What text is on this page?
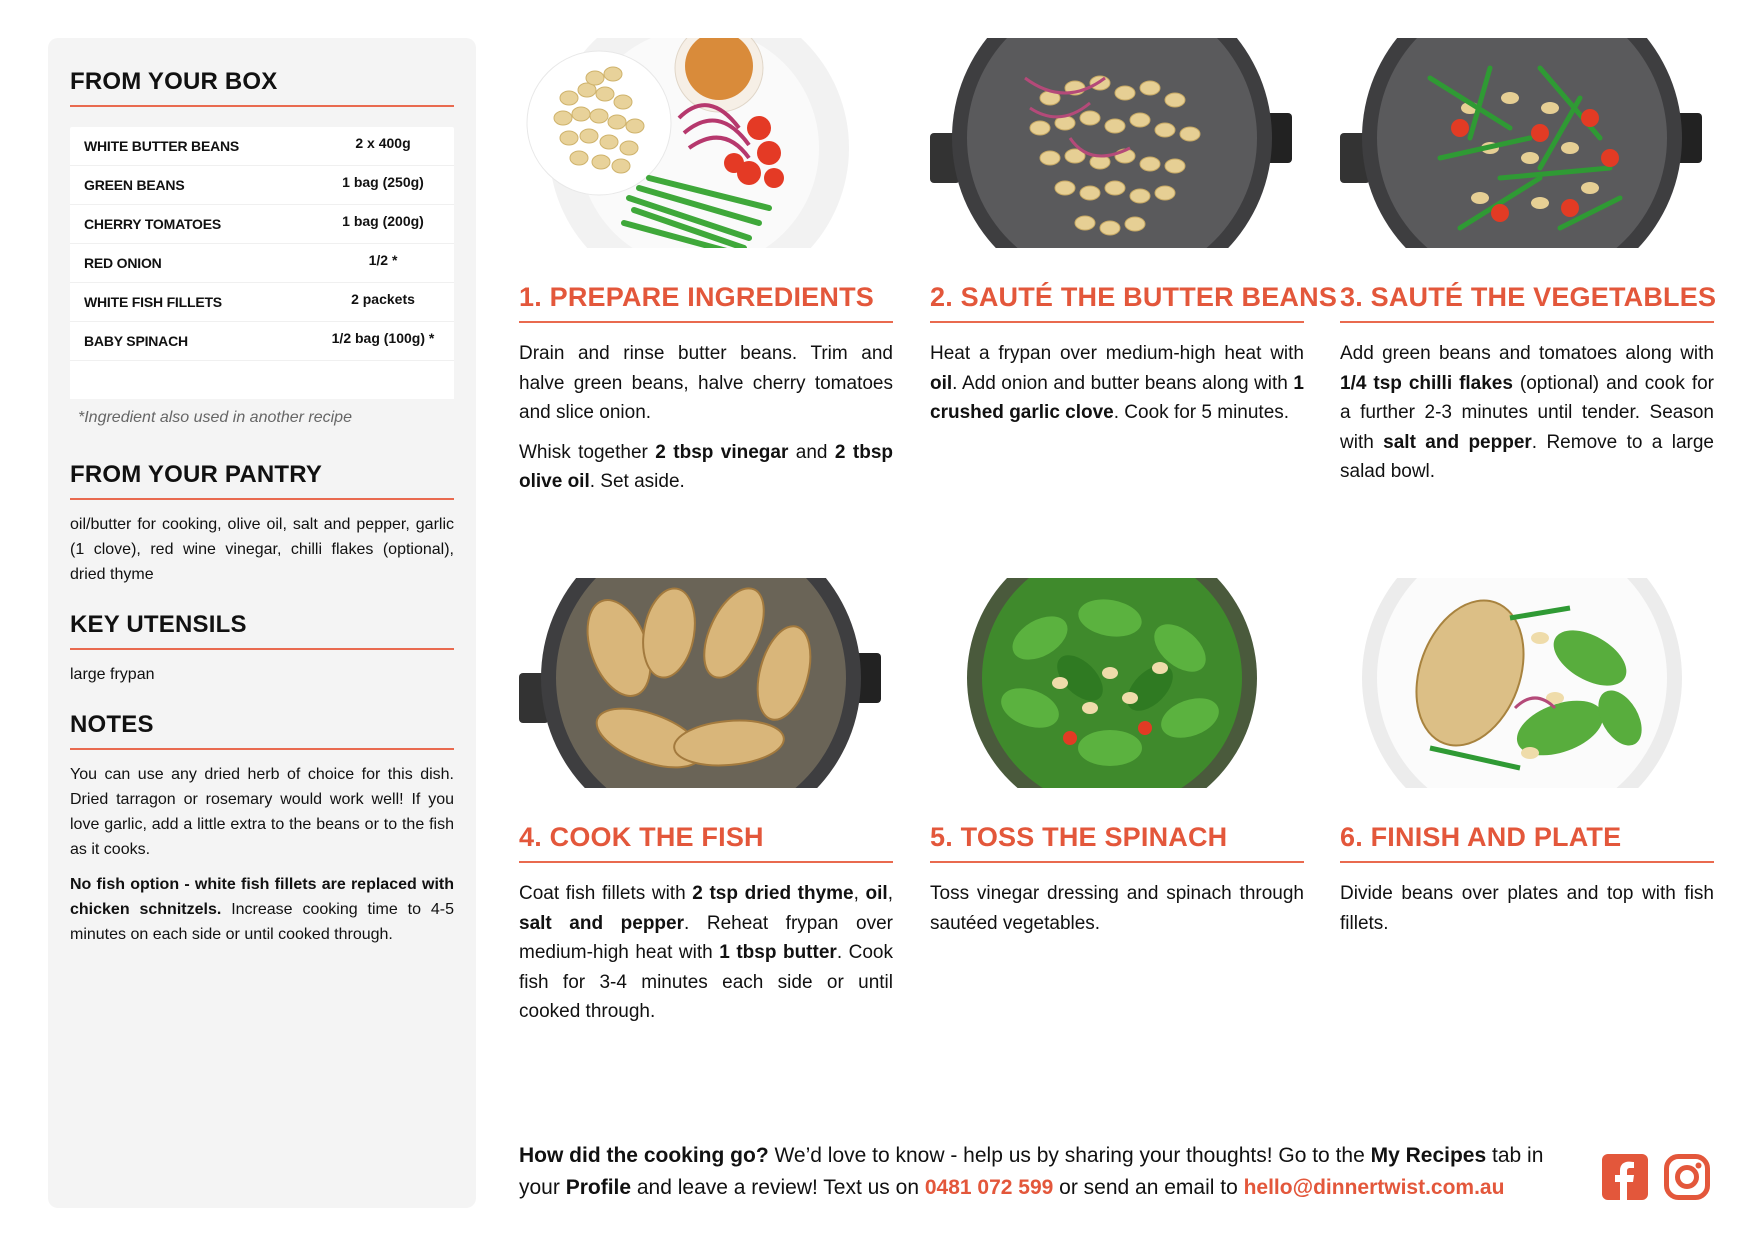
FROM YOUR BOX
WHITE BUTTER BEANS	2 x 400g
GREEN BEANS	1 bag (250g)
CHERRY TOMATOES	1 bag (200g)
RED ONION	1/2 *
WHITE FISH FILLETS	2 packets
BABY SPINACH	1/2 bag (100g) *
*Ingredient also used in another recipe
FROM YOUR PANTRY
oil/butter for cooking, olive oil, salt and pepper, garlic (1 clove), red wine vinegar, chilli flakes (optional), dried thyme
KEY UTENSILS
large frypan
NOTES
You can use any dried herb of choice for this dish. Dried tarragon or rosemary would work well! If you love garlic, add a little extra to the beans or to the fish as it cooks.
No fish option - white fish fillets are replaced with chicken schnitzels. Increase cooking time to 4-5 minutes on each side or until cooked through.
1. PREPARE INGREDIENTS

Drain and rinse butter beans. Trim and halve green beans, halve cherry tomatoes and slice onion.

Whisk together 2 tbsp vinegar and 2 tbsp olive oil. Set aside.

2. SAUTÉ THE BUTTER BEANS

Heat a frypan over medium-high heat with oil. Add onion and butter beans along with 1 crushed garlic clove. Cook for 5 minutes.

3. SAUTÉ THE VEGETABLES

Add green beans and tomatoes along with 1/4 tsp chilli flakes (optional) and cook for a further 2-3 minutes until tender. Season with salt and pepper. Remove to a large salad bowl.

4. COOK THE FISH

Coat fish fillets with 2 tsp dried thyme, oil, salt and pepper. Reheat frypan over medium-high heat with 1 tbsp butter. Cook fish for 3-4 minutes each side or until cooked through.

5. TOSS THE SPINACH

Toss vinegar dressing and spinach through sautéed vegetables.

6. FINISH AND PLATE

Divide beans over plates and top with fish fillets.

How did the cooking go? We’d love to know - help us by sharing your thoughts! Go to the My Recipes tab in your Profile and leave a review! Text us on 0481 072 599 or send an email to hello@dinnertwist.com.au
